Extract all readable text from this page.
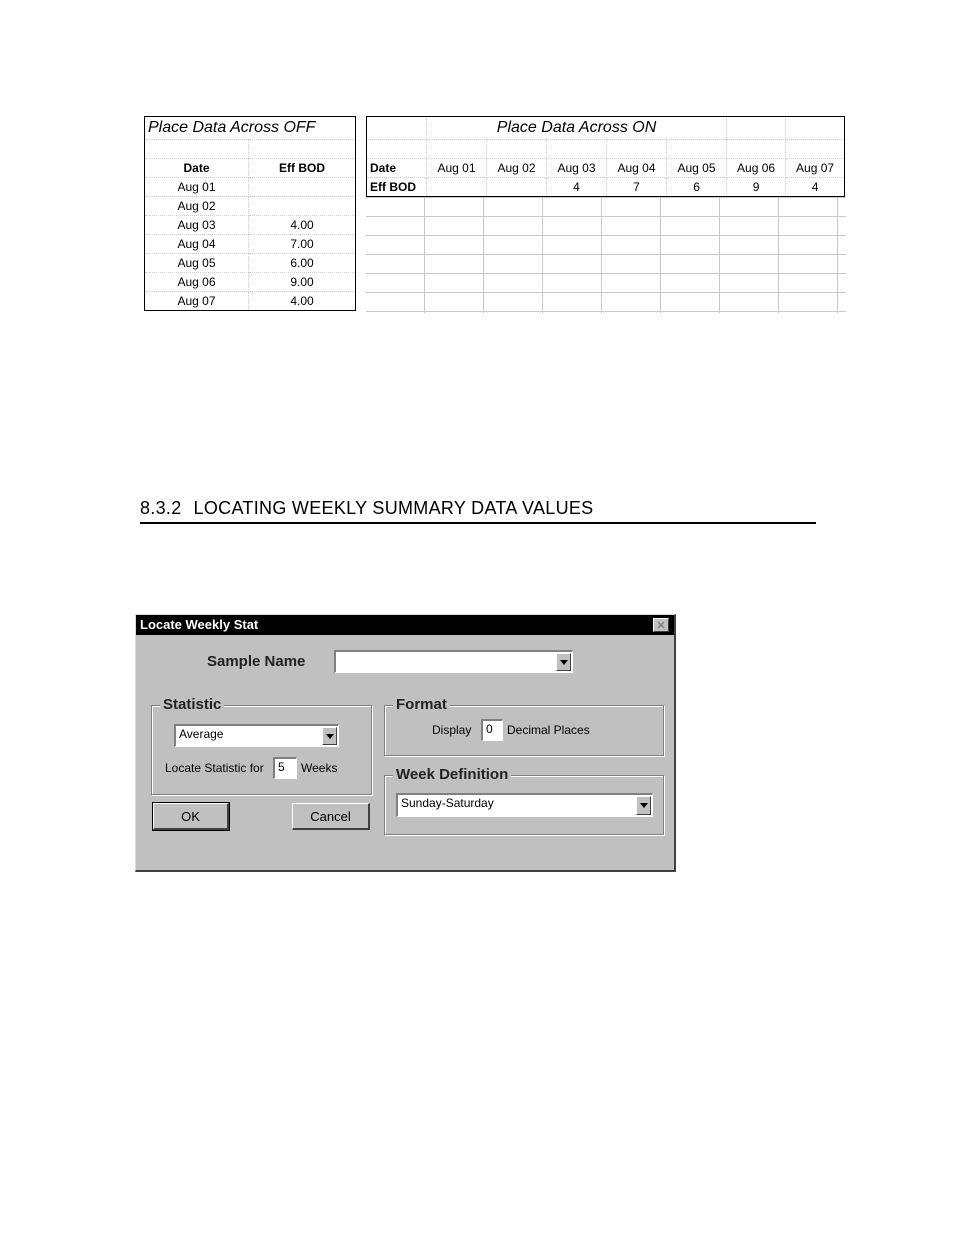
Place Data Across OFF	

Date	Eff BOD
Aug 01	
Aug 02	
Aug 03	4.00
Aug 04	7.00
Aug 05	6.00
Aug 06	9.00
Aug 07	4.00
	Place Data Across ON						

Date	Aug 01	Aug 02	Aug 03	Aug 04	Aug 05	Aug 06	Aug 07
Eff BOD			4	7	6	9	4
8.3.2 LOCATING WEEKLY SUMMARY DATA VALUES
Locate Weekly Stat	✕
Sample Name
Statistic
Average
Locate Statistic for 5 Weeks
OK	Cancel
Format
Display 0 Decimal Places
Week Definition
Sunday-Saturday
